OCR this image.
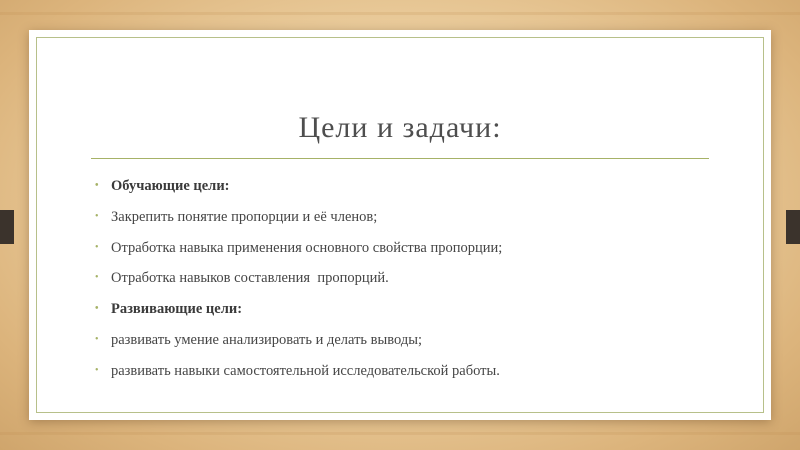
Цели и задачи:
• Обучающие цели:
• Закрепить понятие пропорции и её членов;
• Отработка навыка применения основного свойства пропорции;
• Отработка навыков составления  пропорций.
• Развивающие цели:
• развивать умение анализировать и делать выводы;
• развивать навыки самостоятельной исследовательской работы.
